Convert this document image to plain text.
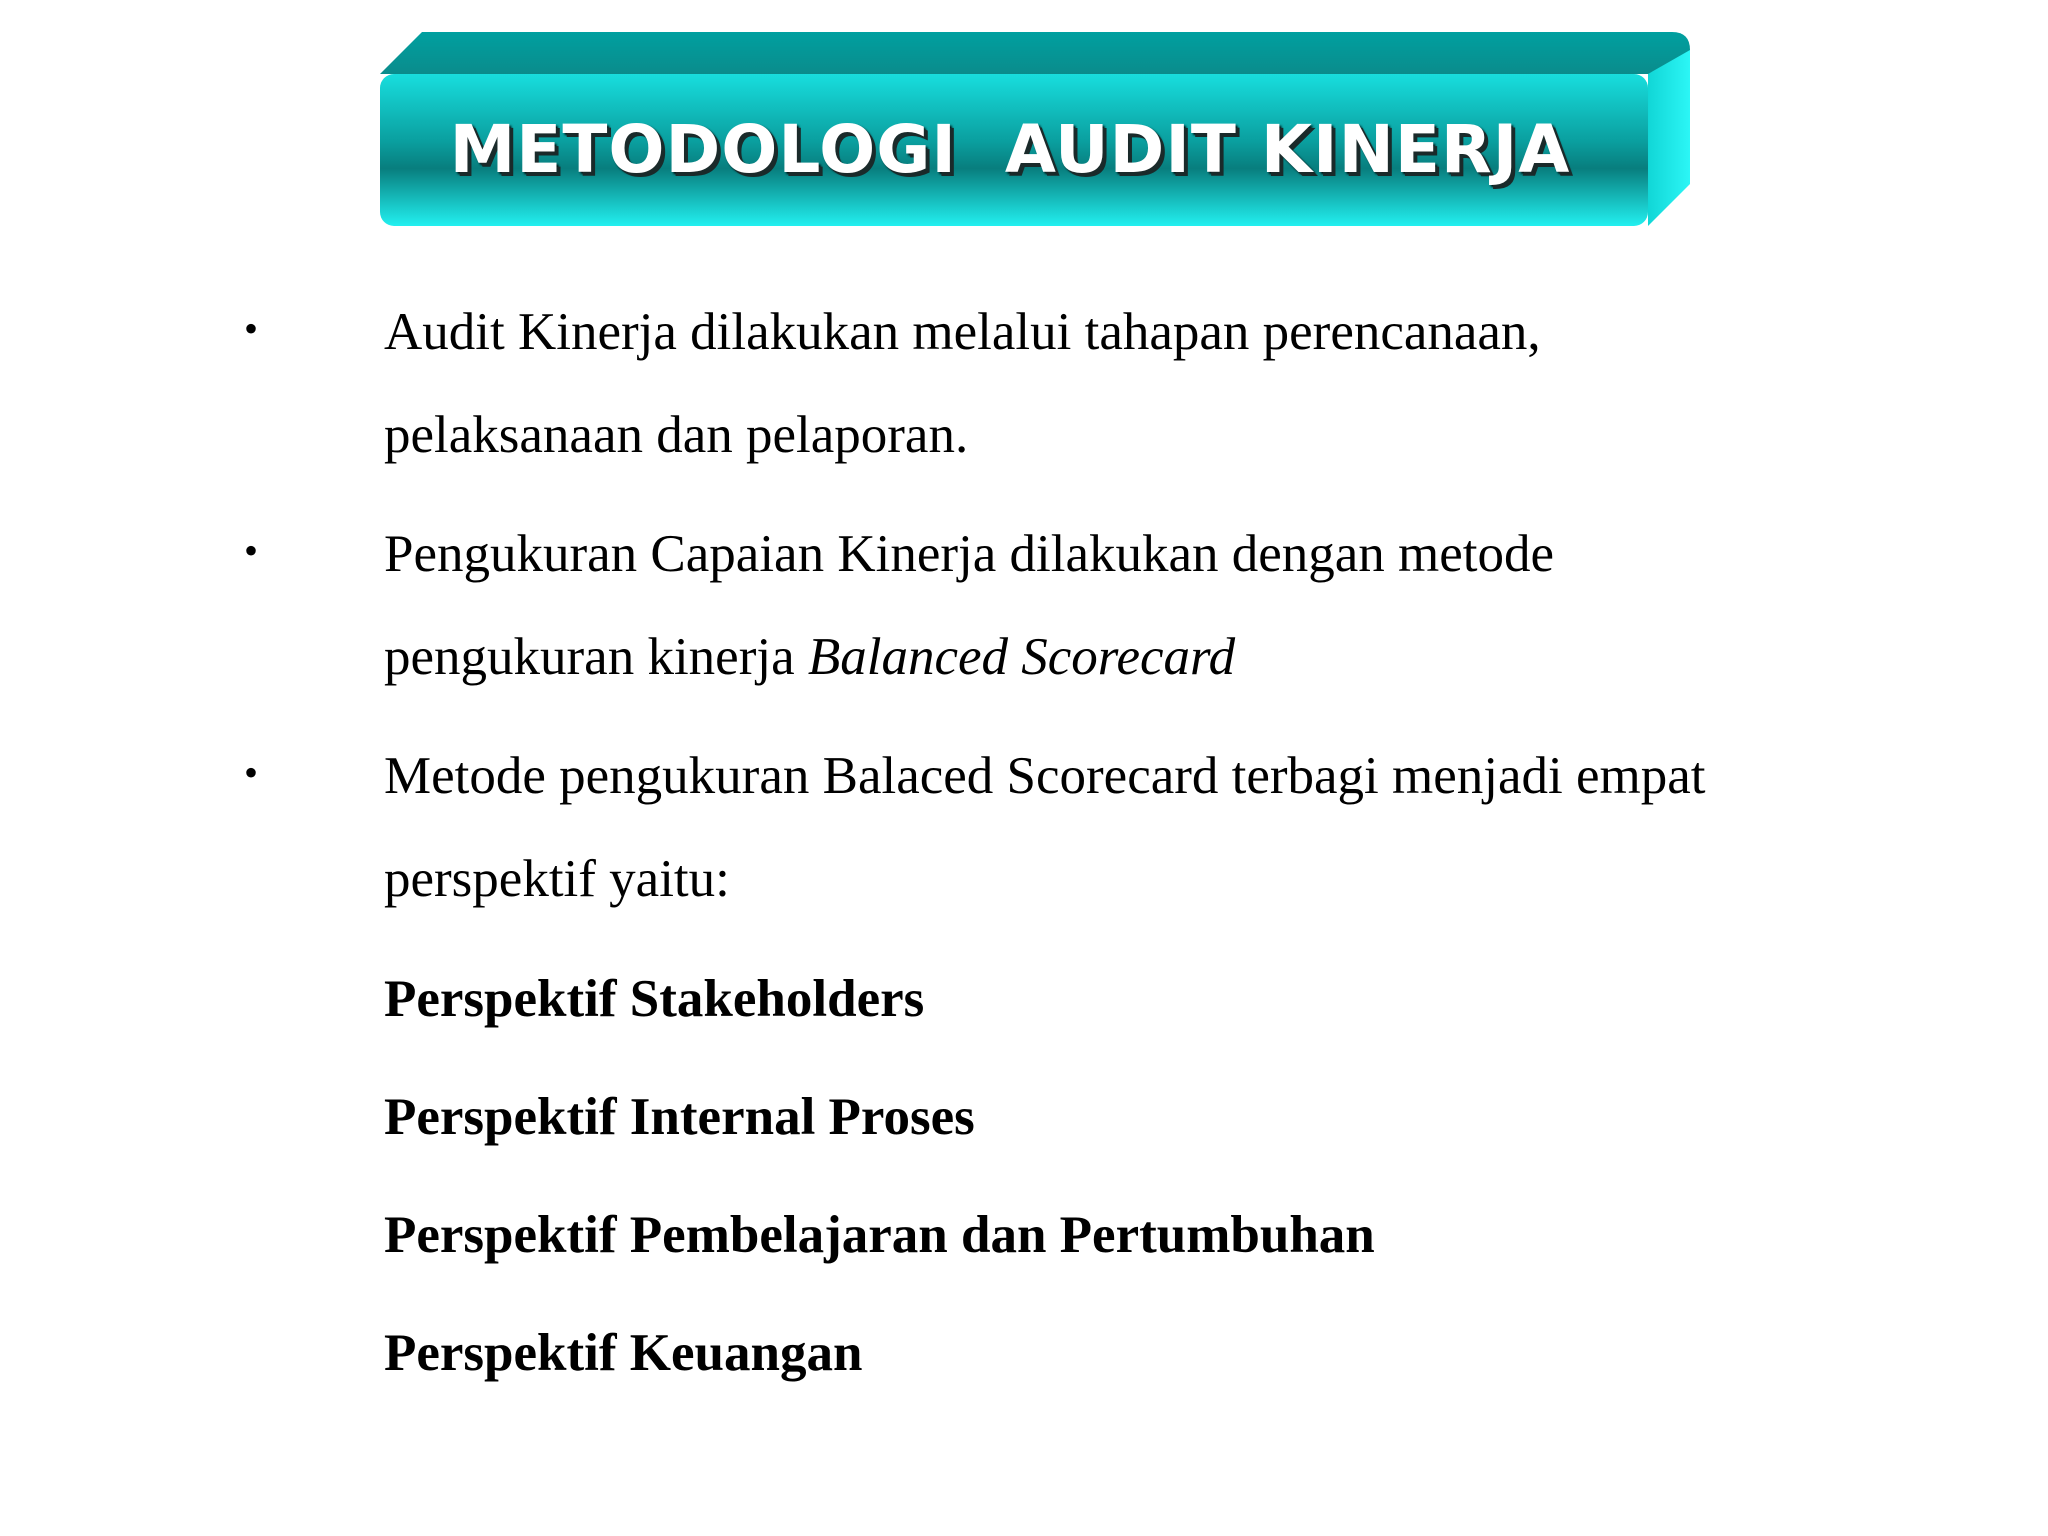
METODOLOGI  AUDIT KINERJA
•	Audit Kinerja dilakukan melalui tahapan perencanaan,
pelaksanaan dan pelaporan.
•	Pengukuran Capaian Kinerja dilakukan dengan metode
pengukuran kinerja Balanced Scorecard
•	Metode pengukuran Balaced Scorecard terbagi menjadi empat
perspektif yaitu:
Perspektif Stakeholders
Perspektif Internal Proses
Perspektif Pembelajaran dan Pertumbuhan
Perspektif Keuangan
